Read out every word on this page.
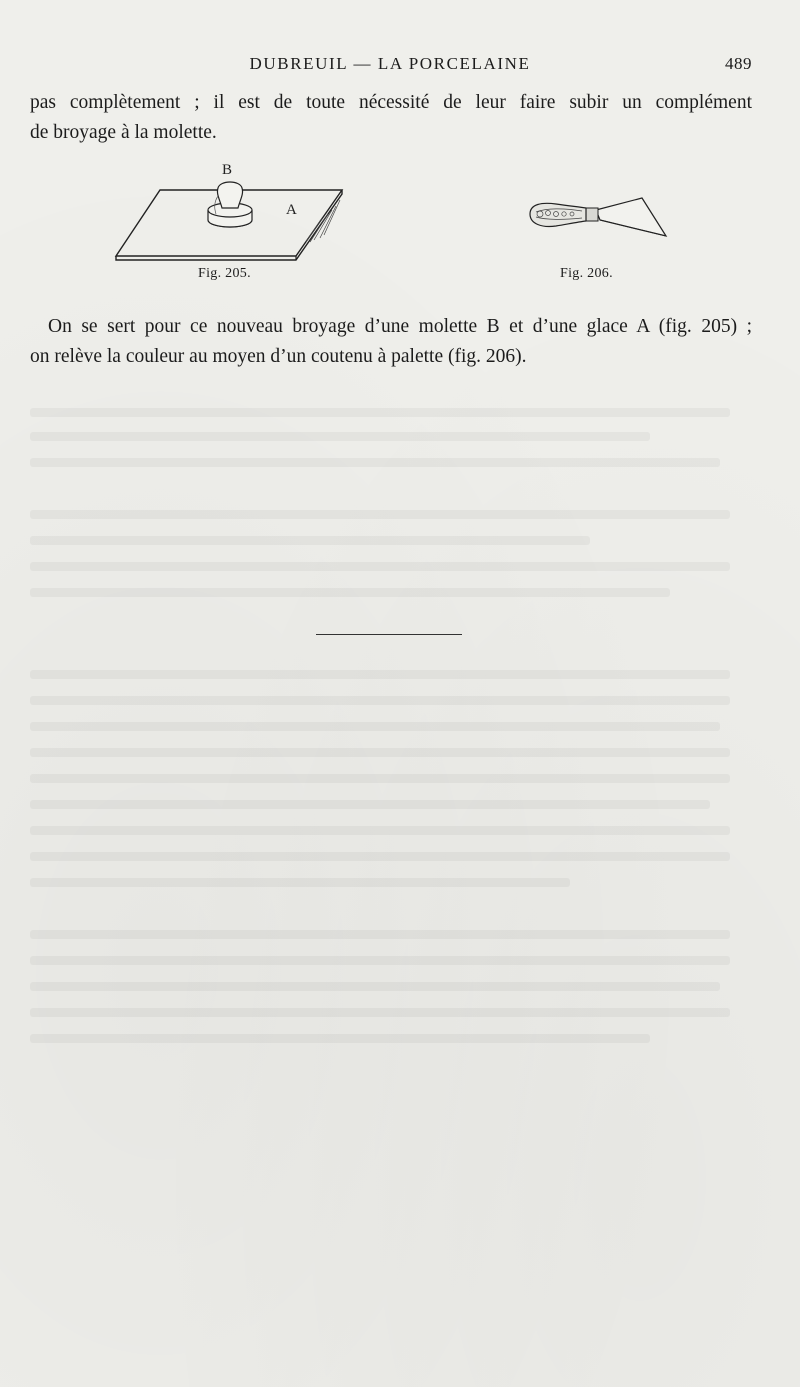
DUBREUIL — LA PORCELAINE	489

pas complètement ; il est de toute nécessité de leur faire subir un complément
de broyage à la molette.

B
A
Fig. 205.	Fig. 206.

On se sert pour ce nouveau broyage d’une molette B et d’une glace A (fig. 205) ;
on relève la couleur au moyen d’un coutenu à palette (fig. 206).
